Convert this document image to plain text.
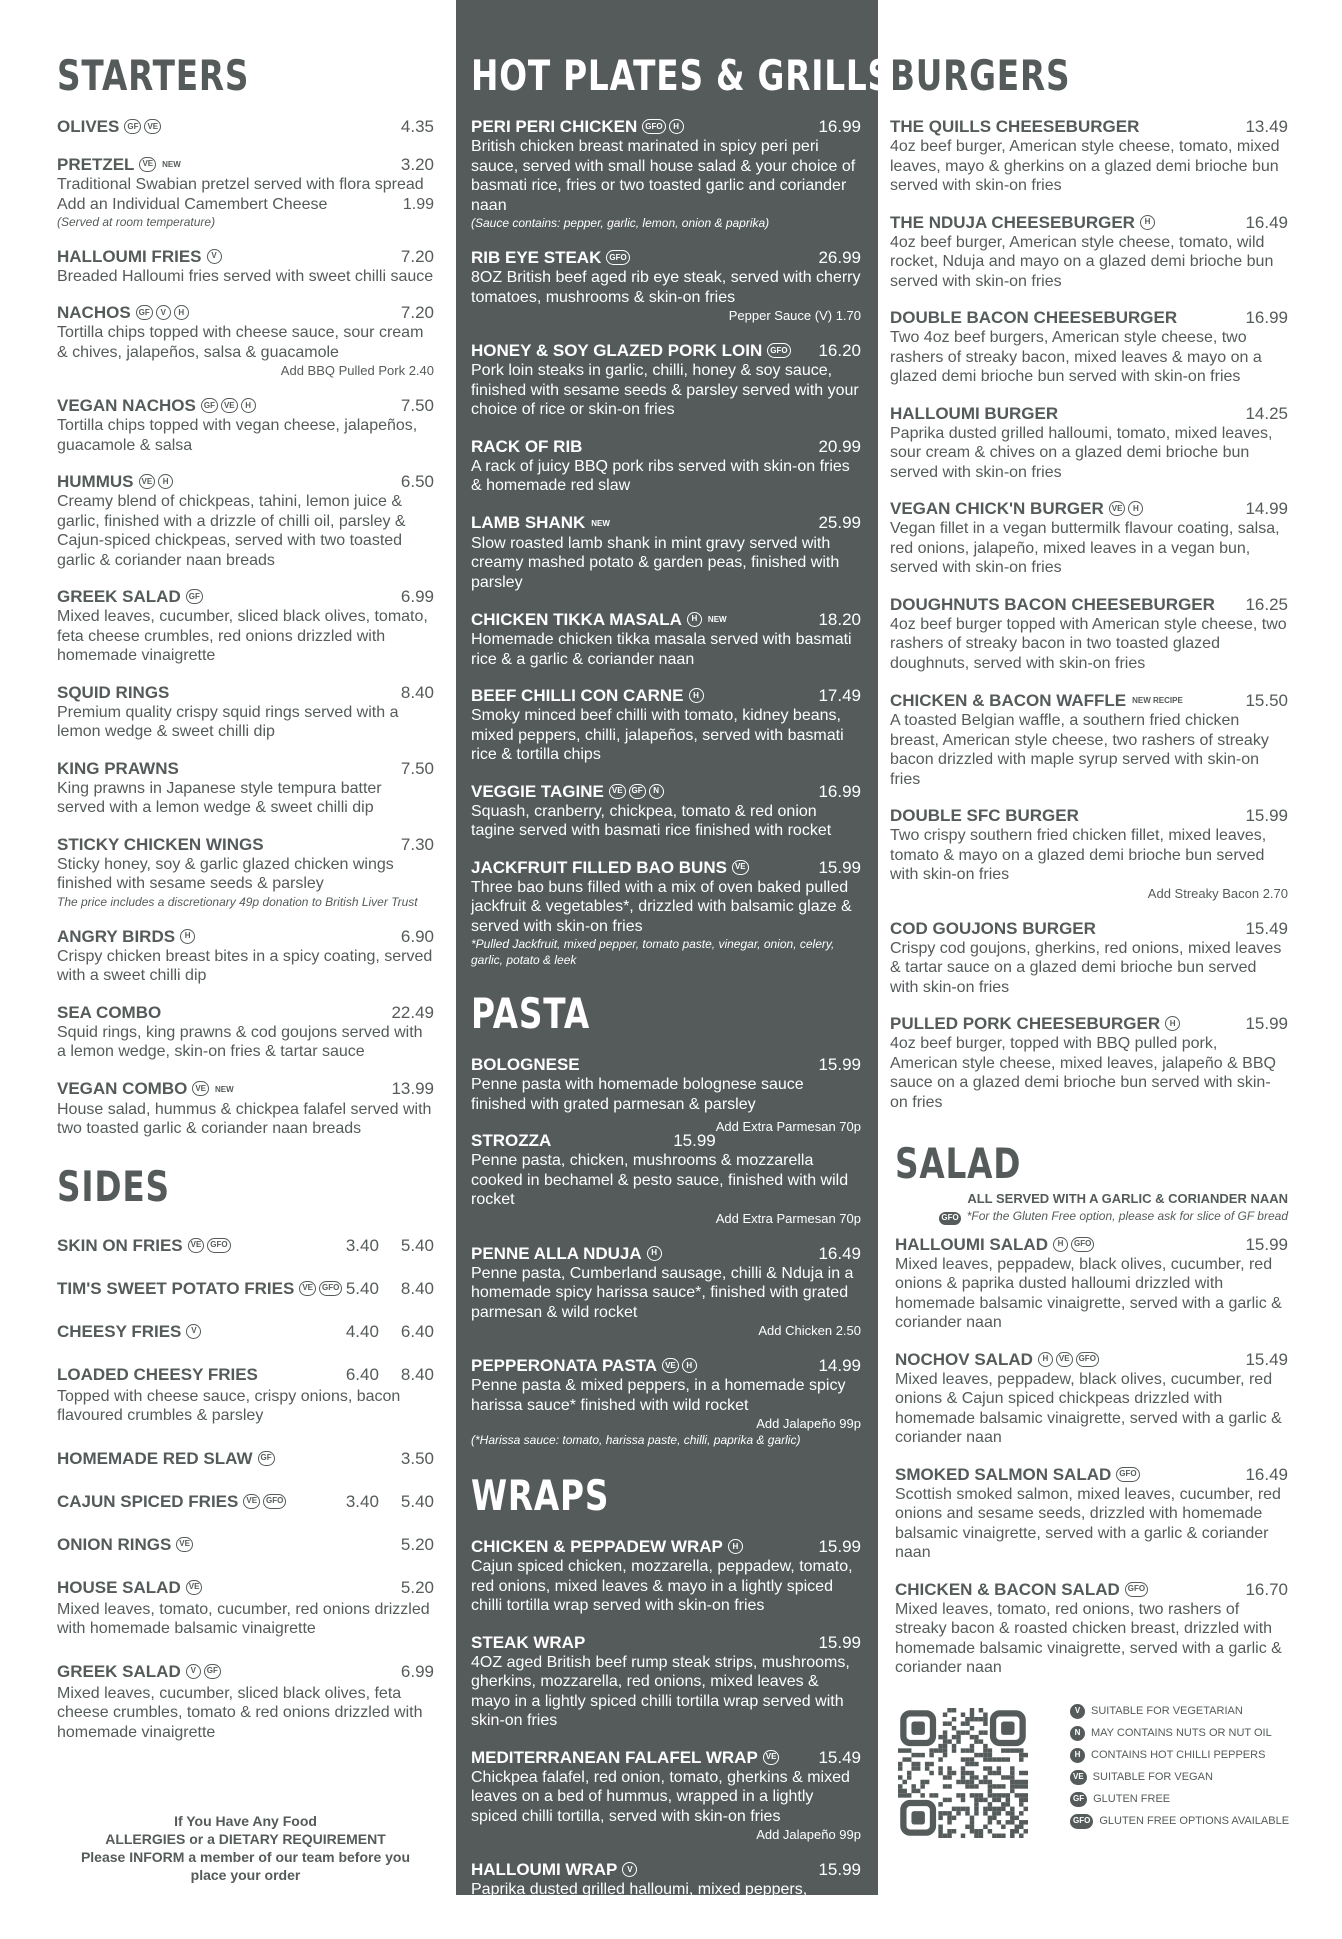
STARTERS
OLIVES	GF	VE	4.35
PRETZEL	VE	NEW	3.20
Traditional Swabian pretzel served with flora spread
Add an Individual Camembert Cheese	1.99
(Served at room temperature)
HALLOUMI FRIES	V	7.20
Breaded Halloumi fries served with sweet chilli sauce
NACHOS	GF	V	H	7.20
Tortilla chips topped with cheese sauce, sour cream & chives, jalapeños, salsa & guacamole
Add BBQ Pulled Pork 2.40
VEGAN NACHOS	GF	VE	H	7.50
Tortilla chips topped with vegan cheese, jalapeños, guacamole & salsa
HUMMUS	VE	H	6.50
Creamy blend of chickpeas, tahini, lemon juice & garlic, finished with a drizzle of chilli oil, parsley & Cajun-spiced chickpeas, served with two toasted garlic & coriander naan breads
GREEK SALAD	GF	6.99
Mixed leaves, cucumber, sliced black olives, tomato, feta cheese crumbles, red onions drizzled with homemade vinaigrette
SQUID RINGS	8.40
Premium quality crispy squid rings served with a lemon wedge & sweet chilli dip
KING PRAWNS	7.50
King prawns in Japanese style tempura batter served with a lemon wedge & sweet chilli dip
STICKY CHICKEN WINGS	7.30
Sticky honey, soy & garlic glazed chicken wings finished with sesame seeds & parsley
The price includes a discretionary 49p donation to British Liver Trust
ANGRY BIRDS	H	6.90
Crispy chicken breast bites in a spicy coating, served with a sweet chilli dip
SEA COMBO	22.49
Squid rings, king prawns & cod goujons served with a lemon wedge, skin-on fries & tartar sauce
VEGAN COMBO	VE	NEW	13.99
House salad, hummus & chickpea falafel served with two toasted garlic & coriander naan breads
SIDES
SKIN ON FRIES	VE	GFO	3.40 5.40
TIM'S SWEET POTATO FRIES	VE	GFO 5.40 8.40
CHEESY FRIES	V	4.40 6.40
LOADED CHEESY FRIES	6.40 8.40
Topped with cheese sauce, crispy onions, bacon flavoured crumbles & parsley
HOMEMADE RED SLAW	GF	3.50
CAJUN SPICED FRIES	VE	GFO	3.40 5.40
ONION RINGS	VE	5.20
HOUSE SALAD	VE	5.20
Mixed leaves, tomato, cucumber, red onions drizzled with homemade balsamic vinaigrette
GREEK SALAD	V	GF	6.99
Mixed leaves, cucumber, sliced black olives, feta cheese crumbles, tomato & red onions drizzled with homemade vinaigrette
If You Have Any Food
ALLERGIES or a DIETARY REQUIREMENT
Please INFORM a member of our team before you
place your order
HOT PLATES & GRILLS
PERI PERI CHICKEN	GFO	H	16.99
British chicken breast marinated in spicy peri peri sauce, served with small house salad & your choice of basmati rice, fries or two toasted garlic and coriander naan
(Sauce contains: pepper, garlic, lemon, onion & paprika)
RIB EYE STEAK	GFO	26.99
8OZ British beef aged rib eye steak, served with cherry tomatoes, mushrooms & skin-on fries
Pepper Sauce (V) 1.70
HONEY & SOY GLAZED PORK LOIN	GFO 16.20
Pork loin steaks in garlic, chilli, honey & soy sauce, finished with sesame seeds & parsley served with your choice of rice or skin-on fries
RACK OF RIB	20.99
A rack of juicy BBQ pork ribs served with skin-on fries & homemade red slaw
LAMB SHANK NEW	25.99
Slow roasted lamb shank in mint gravy served with creamy mashed potato & garden peas, finished with parsley
CHICKEN TIKKA MASALA	H	NEW	18.20
Homemade chicken tikka masala served with basmati rice & a garlic & coriander naan
BEEF CHILLI CON CARNE	H	17.49
Smoky minced beef chilli with tomato, kidney beans, mixed peppers, chilli, jalapeños, served with basmati rice & tortilla chips
VEGGIE TAGINE	VE	GF	N	16.99
Squash, cranberry, chickpea, tomato & red onion tagine served with basmati rice finished with rocket
JACKFRUIT FILLED BAO BUNS	VE	15.99
Three bao buns filled with a mix of oven baked pulled jackfruit & vegetables*, drizzled with balsamic glaze & served with skin-on fries
*Pulled Jackfruit, mixed pepper, tomato paste, vinegar, onion, celery, garlic, potato & leek
PASTA
BOLOGNESE	15.99
Penne pasta with homemade bolognese sauce finished with grated parmesan & parsley
Add Extra Parmesan 70p
STROZZA	15.99
Penne pasta, chicken, mushrooms & mozzarella cooked in bechamel & pesto sauce, finished with wild rocket
Add Extra Parmesan 70p
PENNE ALLA NDUJA	H	16.49
Penne pasta, Cumberland sausage, chilli & Nduja in a homemade spicy harissa sauce*, finished with grated parmesan & wild rocket
Add Chicken 2.50
PEPPERONATA PASTA	VE	H	14.99
Penne pasta & mixed peppers, in a homemade spicy harissa sauce* finished with wild rocket
Add Jalapeño 99p
(*Harissa sauce: tomato, harissa paste, chilli, paprika & garlic)
WRAPS
CHICKEN & PEPPADEW WRAP	H	15.99
Cajun spiced chicken, mozzarella, peppadew, tomato, red onions, mixed leaves & mayo in a lightly spiced chilli tortilla wrap served with skin-on fries
STEAK WRAP	15.99
4OZ aged British beef rump steak strips, mushrooms, gherkins, mozzarella, red onions, mixed leaves & mayo in a lightly spiced chilli tortilla wrap served with skin-on fries
MEDITERRANEAN FALAFEL WRAP	VE 15.49
Chickpea falafel, red onion, tomato, gherkins & mixed leaves on a bed of hummus, wrapped in a lightly spiced chilli tortilla, served with skin-on fries
Add Jalapeño 99p
HALLOUMI WRAP	V	15.99
Paprika dusted grilled halloumi, mixed peppers, tomato, onions, mixed leaves & mayo in a lightly spiced chilli tortilla wrap served with skin-on fries
BURGERS
THE QUILLS CHEESEBURGER	13.49
4oz beef burger, American style cheese, tomato, mixed leaves, mayo & gherkins on a glazed demi brioche bun served with skin-on fries
THE NDUJA CHEESEBURGER	H	16.49
4oz beef burger, American style cheese, tomato, wild rocket, Nduja and mayo on a glazed demi brioche bun served with skin-on fries
DOUBLE BACON CHEESEBURGER	16.99
Two 4oz beef burgers, American style cheese, two rashers of streaky bacon, mixed leaves & mayo on a glazed demi brioche bun served with skin-on fries
HALLOUMI BURGER	14.25
Paprika dusted grilled halloumi, tomato, mixed leaves, sour cream & chives on a glazed demi brioche bun served with skin-on fries
VEGAN CHICK'N BURGER	VE	H	14.99
Vegan fillet in a vegan buttermilk flavour coating, salsa, red onions, jalapeño, mixed leaves in a vegan bun, served with skin-on fries
DOUGHNUTS BACON CHEESEBURGER 16.25
4oz beef burger topped with American style cheese, two rashers of streaky bacon in two toasted glazed doughnuts, served with skin-on fries
CHICKEN & BACON WAFFLE NEW RECIPE	15.50
A toasted Belgian waffle, a southern fried chicken breast, American style cheese, two rashers of streaky bacon drizzled with maple syrup served with skin-on fries
DOUBLE SFC BURGER	15.99
Two crispy southern fried chicken fillet, mixed leaves, tomato & mayo on a glazed demi brioche bun served with skin-on fries
Add Streaky Bacon 2.70
COD GOUJONS BURGER	15.49
Crispy cod goujons, gherkins, red onions, mixed leaves & tartar sauce on a glazed demi brioche bun served with skin-on fries
PULLED PORK CHEESEBURGER	H	15.99
4oz beef burger, topped with BBQ pulled pork, American style cheese, mixed leaves, jalapeño & BBQ sauce on a glazed demi brioche bun served with skin-on fries
SALAD
ALL SERVED WITH A GARLIC & CORIANDER NAAN
GFO *For the Gluten Free option, please ask for slice of GF bread
HALLOUMI SALAD	H	GFO	15.99
Mixed leaves, peppadew, black olives, cucumber, red onions & paprika dusted halloumi drizzled with homemade balsamic vinaigrette, served with a garlic & coriander naan
NOCHOV SALAD	H	VE	GFO	15.49
Mixed leaves, peppadew, black olives, cucumber, red onions & Cajun spiced chickpeas drizzled with homemade balsamic vinaigrette, served with a garlic & coriander naan
SMOKED SALMON SALAD	GFO	16.49
Scottish smoked salmon, mixed leaves, cucumber, red onions and sesame seeds, drizzled with homemade balsamic vinaigrette, served with a garlic & coriander naan
CHICKEN & BACON SALAD	GFO	16.70
Mixed leaves, tomato, red onions, two rashers of streaky bacon & roasted chicken breast, drizzled with homemade balsamic vinaigrette, served with a garlic & coriander naan
V SUITABLE FOR VEGETARIAN
N MAY CONTAINS NUTS OR NUT OIL
H CONTAINS HOT CHILLI PEPPERS
VE SUITABLE FOR VEGAN
GF GLUTEN FREE
GFO GLUTEN FREE OPTIONS AVAILABLE
